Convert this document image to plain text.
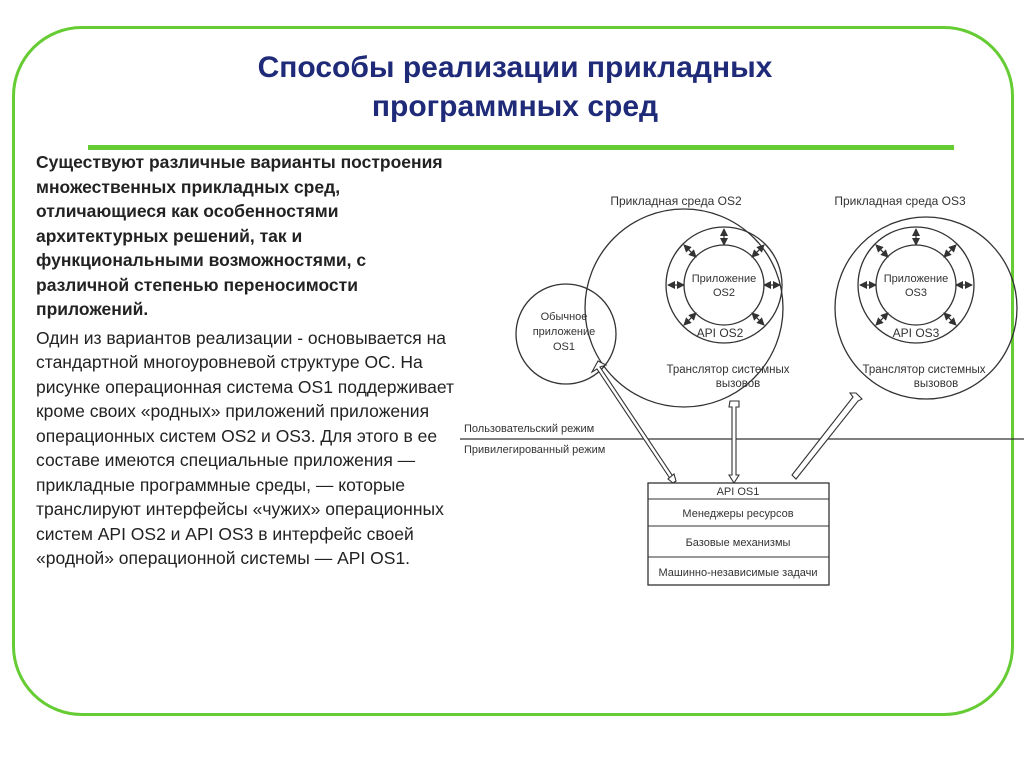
Способы реализации прикладных
программных сред

Существуют различные варианты построения множественных прикладных сред, отличающиеся как особенностями архитектурных решений, так и функциональными возможностями, с различной степенью переносимости приложений.

Один из вариантов реализации - основывается на стандартной многоуровневой структуре ОС. На рисунке операционная система OS1 поддерживает кроме своих «родных» приложений приложения операционных систем OS2 и OS3. Для этого в ее составе имеются специальные приложения — прикладные программные среды, — которые транслируют интерфейсы «чужих» операционных систем API OS2 и API OS3 в интерфейс своей «родной» операционной системы — API OS1.

Прикладная среда OS2
Приложение
OS2
API OS2
Транслятор системных
вызовов
Прикладная среда OS3
Приложение
OS3
API OS3
Транслятор системных
вызовов
Обычное
приложение
OS1
Пользовательский режим
Привилегированный режим
API OS1
Менеджеры ресурсов
Базовые механизмы
Машинно-независимые задачи
